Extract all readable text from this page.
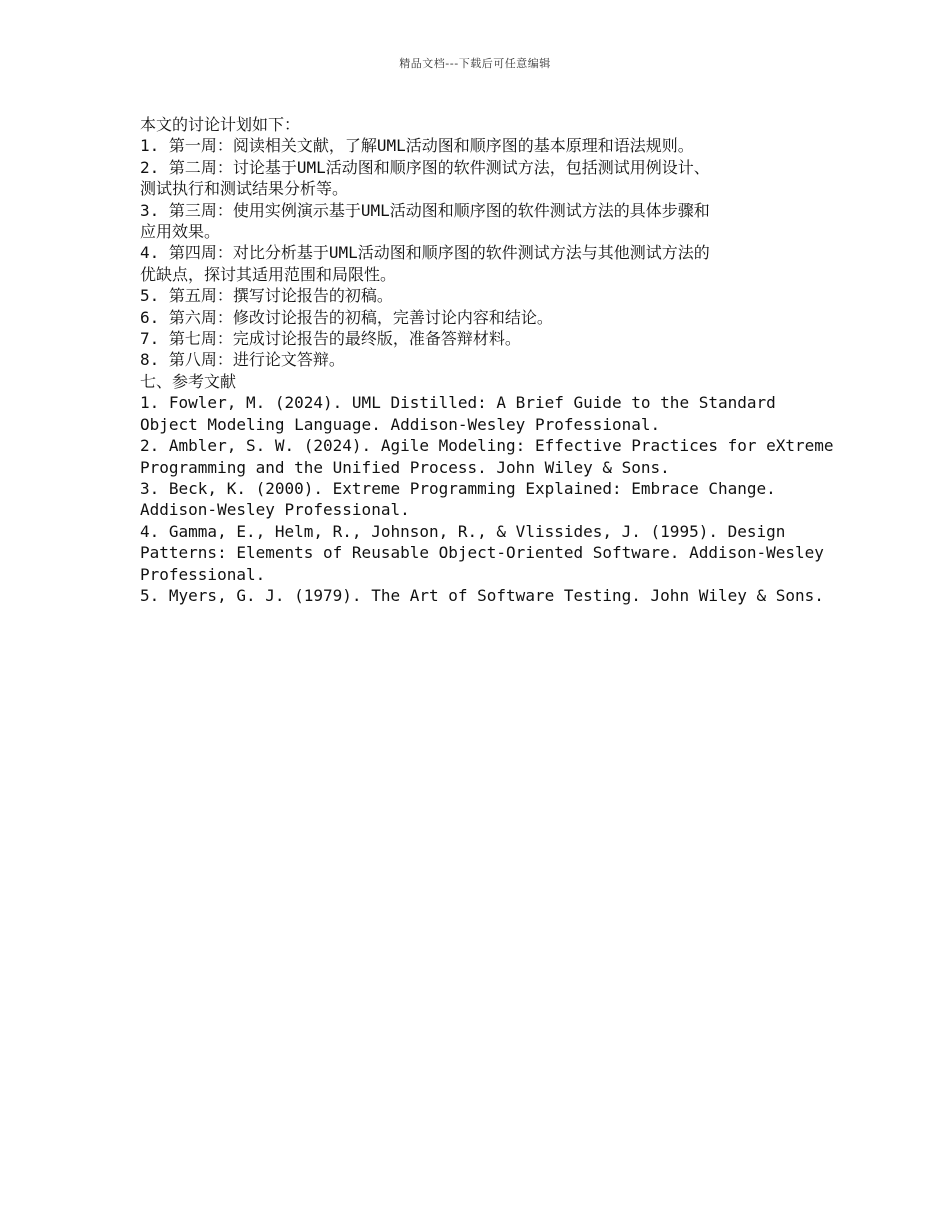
精品文档---下载后可任意编辑
本文的讨论计划如下：
1. 第一周：阅读相关文献，了解UML活动图和顺序图的基本原理和语法规则。
2. 第二周：讨论基于UML活动图和顺序图的软件测试方法，包括测试用例设计、
测试执行和测试结果分析等。
3. 第三周：使用实例演示基于UML活动图和顺序图的软件测试方法的具体步骤和
应用效果。
4. 第四周：对比分析基于UML活动图和顺序图的软件测试方法与其他测试方法的
优缺点，探讨其适用范围和局限性。
5. 第五周：撰写讨论报告的初稿。
6. 第六周：修改讨论报告的初稿，完善讨论内容和结论。
7. 第七周：完成讨论报告的最终版，准备答辩材料。
8. 第八周：进行论文答辩。
七、参考文献
1. Fowler, M. (2024). UML Distilled: A Brief Guide to the Standard
Object Modeling Language. Addison-Wesley Professional.
2. Ambler, S. W. (2024). Agile Modeling: Effective Practices for eXtreme
Programming and the Unified Process. John Wiley & Sons.
3. Beck, K. (2000). Extreme Programming Explained: Embrace Change.
Addison-Wesley Professional.
4. Gamma, E., Helm, R., Johnson, R., & Vlissides, J. (1995). Design
Patterns: Elements of Reusable Object-Oriented Software. Addison-Wesley
Professional.
5. Myers, G. J. (1979). The Art of Software Testing. John Wiley & Sons.
